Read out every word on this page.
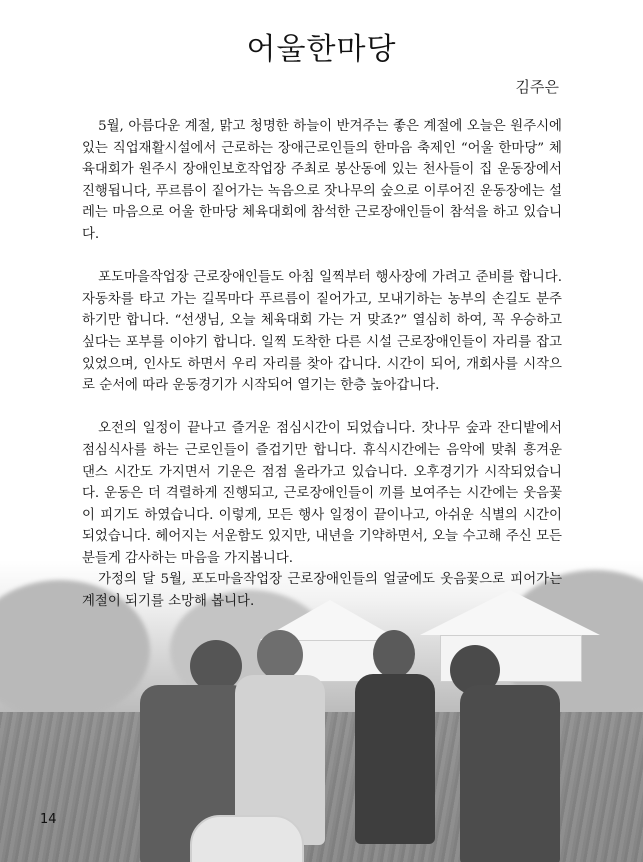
어울한마당
김주은

5월, 아름다운 계절, 맑고 청명한 하늘이 반겨주는 좋은 계절에 오늘은 원주시에있는 직업재활시설에서 근로하는 장애근로인들의 한마음 축제인 “어울 한마당” 체육대회가 원주시 장애인보호작업장 주최로 봉산동에 있는 천사들이 집 운동장에서 진행됩니다, 푸르름이 짙어가는 녹음으로 잣나무의 숲으로 이루어진 운동장에는 설레는 마음으로 어울 한마당 체육대회에 참석한 근로장애인들이 참석을 하고 있습니다.

포도마을작업장 근로장애인들도 아침 일찍부터 행사장에 가려고 준비를 합니다. 자동차를 타고 가는 길목마다 푸르름이 짙어가고, 모내기하는 농부의 손길도 분주하기만 합니다. “선생님, 오늘 체육대회 가는 거 맞죠?” 열심히 하여, 꼭 우승하고 싶다는 포부를 이야기 합니다. 일찍 도착한 다른 시설 근로장애인들이 자리를 잡고 있었으며, 인사도 하면서 우리 자리를 찾아 갑니다. 시간이 되어, 개회사를 시작으로 순서에 따라 운동경기가 시작되어 열기는 한층 높아갑니다.

오전의 일정이 끝나고 즐거운 점심시간이 되었습니다. 잣나무 숲과 잔디밭에서 점심식사를 하는 근로인들이 즐겁기만 합니다. 휴식시간에는 음악에 맞춰 흥겨운 댄스 시간도 가지면서 기운은 점점 올라가고 있습니다. 오후경기가 시작되었습니다. 운동은 더 격렬하게 진행되고, 근로장애인들이 끼를 보여주는 시간에는 웃음꽃이 피기도 하였습니다. 이렇게, 모든 행사 일정이 끝이나고, 아쉬운 식별의 시간이 되었습니다. 헤어지는 서운함도 있지만, 내년을 기약하면서, 오늘 수고해 주신 모든 분들게 감사하는 마음을 가지봅니다.

가정의 달 5월, 포도마을작업장 근로장애인들의 얼굴에도 웃음꽃으로 피어가는 계절이 되기를 소망해 봅니다.

14
